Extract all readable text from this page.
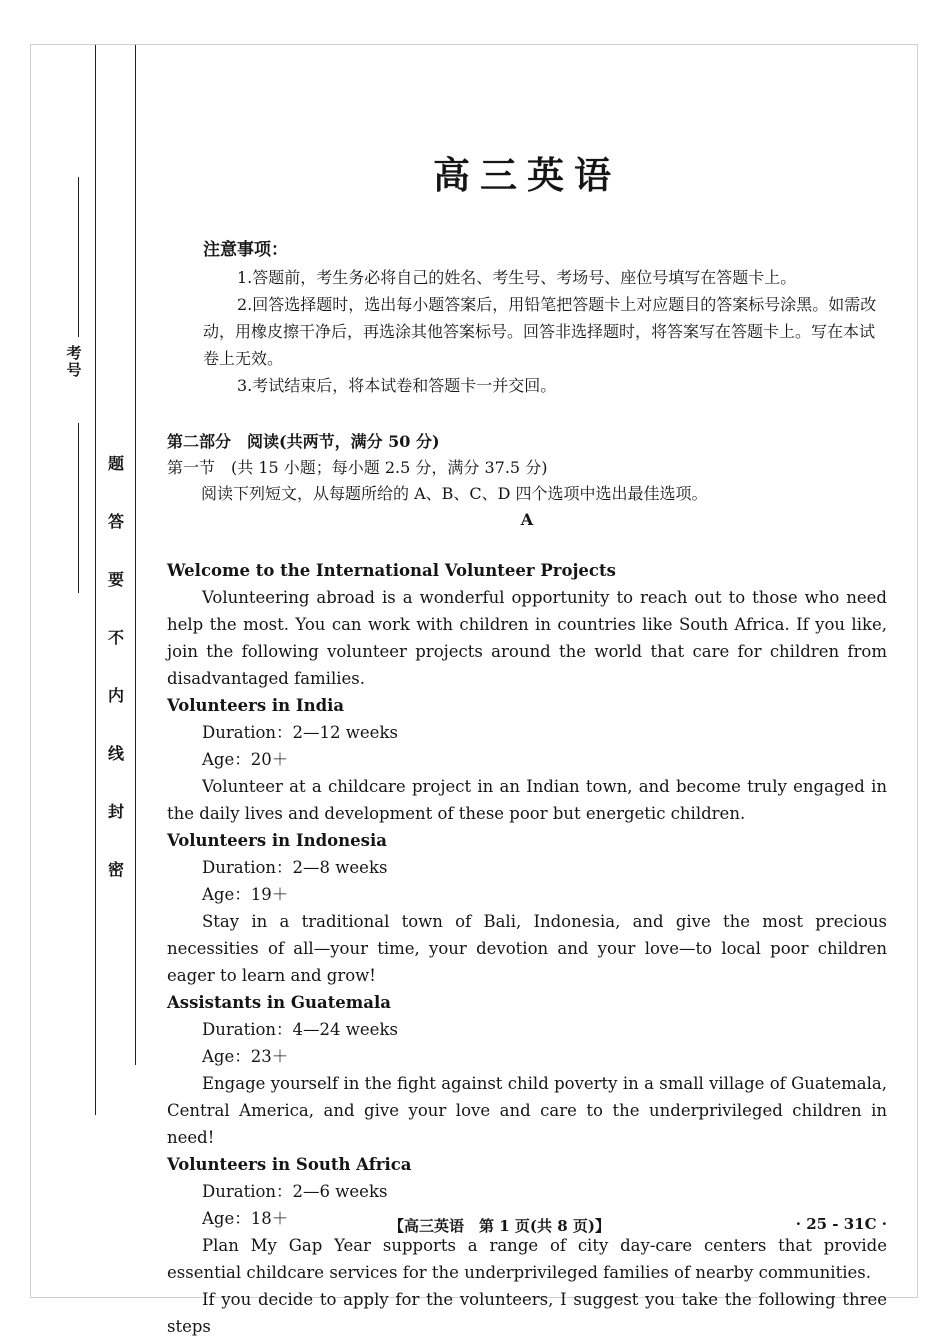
考号
题
答
要
不
内
线
封
密
高三英语

注意事项：

1.答题前，考生务必将自己的姓名、考生号、考场号、座位号填写在答题卡上。

2.回答选择题时，选出每小题答案后，用铅笔把答题卡上对应题目的答案标号涂黑。如需改动，用橡皮擦干净后，再选涂其他答案标号。回答非选择题时，将答案写在答题卡上。写在本试卷上无效。

3.考试结束后，将本试卷和答题卡一并交回。

第二部分　阅读(共两节，满分 50 分)

第一节　(共 15 小题；每小题 2.5 分，满分 37.5 分)

阅读下列短文，从每题所给的 A、B、C、D 四个选项中选出最佳选项。

A

Welcome to the International Volunteer Projects

Volunteering abroad is a wonderful opportunity to reach out to those who need help the most. You can work with children in countries like South Africa. If you like, join the following volunteer projects around the world that care for children from disadvantaged families.

Volunteers in India

Duration：2—12 weeks

Age：20＋

Volunteer at a childcare project in an Indian town, and become truly engaged in the daily lives and development of these poor but energetic children.

Volunteers in Indonesia

Duration：2—8 weeks

Age：19＋

Stay in a traditional town of Bali, Indonesia, and give the most precious necessities of all—your time, your devotion and your love—to local poor children eager to learn and grow!

Assistants in Guatemala

Duration：4—24 weeks

Age：23＋

Engage yourself in the fight against child poverty in a small village of Guatemala, Central America, and give your love and care to the underprivileged children in need!

Volunteers in South Africa

Duration：2—6 weeks

Age：18＋

Plan My Gap Year supports a range of city day-care centers that provide essential childcare services for the underprivileged families of nearby communities.

If you decide to apply for the volunteers, I suggest you take the following three steps

【高三英语　第 1 页(共 8 页)】	· 25 - 31C ·
